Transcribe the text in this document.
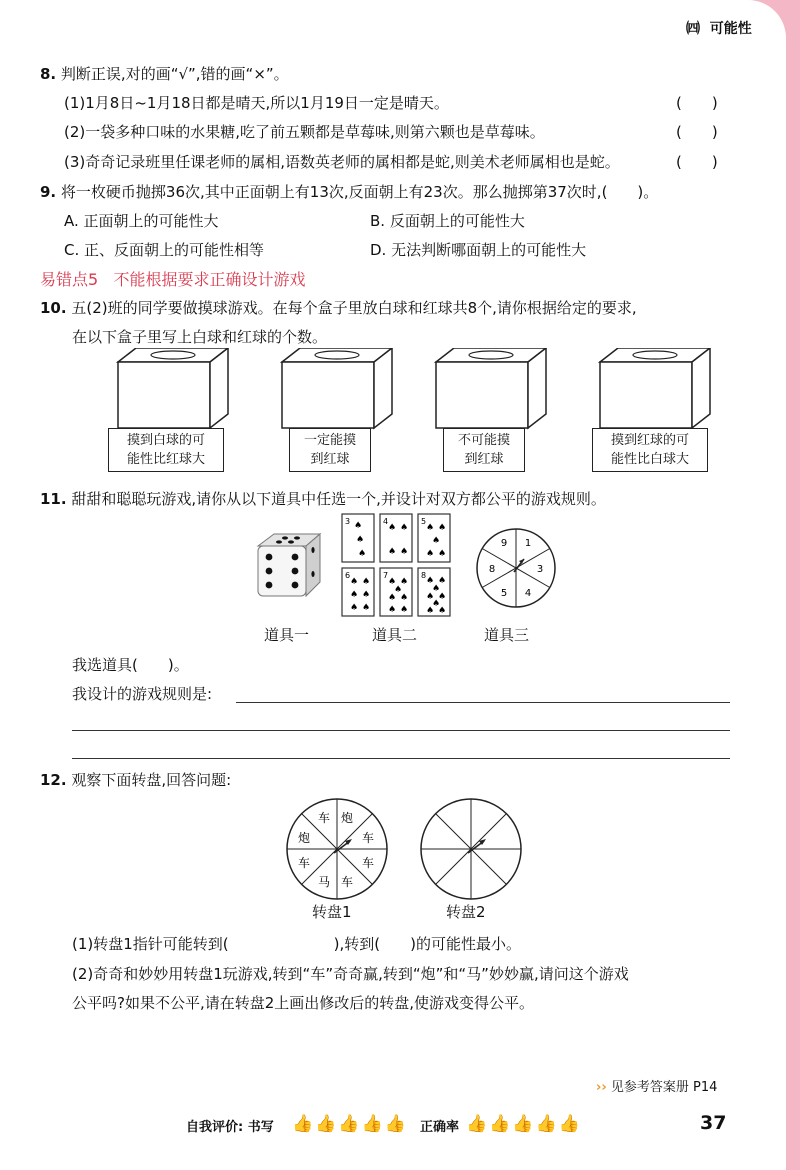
㈣ 可能性
8. 判断正误,对的画“√”,错的画“×”。
(1)1月8日~1月18日都是晴天,所以1月19日一定是晴天。	(　　)
(2)一袋多种口味的水果糖,吃了前五颗都是草莓味,则第六颗也是草莓味。	(　　)
(3)奇奇记录班里任课老师的属相,语数英老师的属相都是蛇,则美术老师属相也是蛇。	(　　)
9. 将一枚硬币抛掷36次,其中正面朝上有13次,反面朝上有23次。那么抛掷第37次时,(　　)。
A. 正面朝上的可能性大	B. 反面朝上的可能性大
C. 正、反面朝上的可能性相等	D. 无法判断哪面朝上的可能性大
易错点5 不能根据要求正确设计游戏
10. 五(2)班的同学要做摸球游戏。在每个盒子里放白球和红球共8个,请你根据给定的要求,
在以下盒子里写上白球和红球的个数。
摸到白球的可
能性比红球大
一定能摸
到红球
不可能摸
到红球
摸到红球的可
能性比白球大
11. 甜甜和聪聪玩游戏,请你从以下道具中任选一个,并设计对双方都公平的游戏规则。
3 ♠
♠
♠
4
♠ ♠
♠ ♠
5
♠ ♠
♠
♠ ♠
6
♠ ♠
♠ ♠
♠ ♠
7
♠ ♠
♠
♠ ♠
♠ ♠
8
♠ ♠
♠
♠ ♠
♠
♠ ♠
9 1
3
4
5
8
道具一	道具二	道具三
我选道具(　　)。
我设计的游戏规则是:
12. 观察下面转盘,回答问题:
炮
车
车
车
马
车
炮
车
转盘1	转盘2
(1)转盘1指针可能转到(　　　　　　　),转到(　　)的可能性最小。
(2)奇奇和妙妙用转盘1玩游戏,转到“车”奇奇赢,转到“炮”和“马”妙妙赢,请问这个游戏
公平吗?如果不公平,请在转盘2上画出修改后的转盘,使游戏变得公平。
›› 见参考答案册 P14
自我评价: 书写 👍👍👍👍👍 正确率 👍👍👍👍👍	37
